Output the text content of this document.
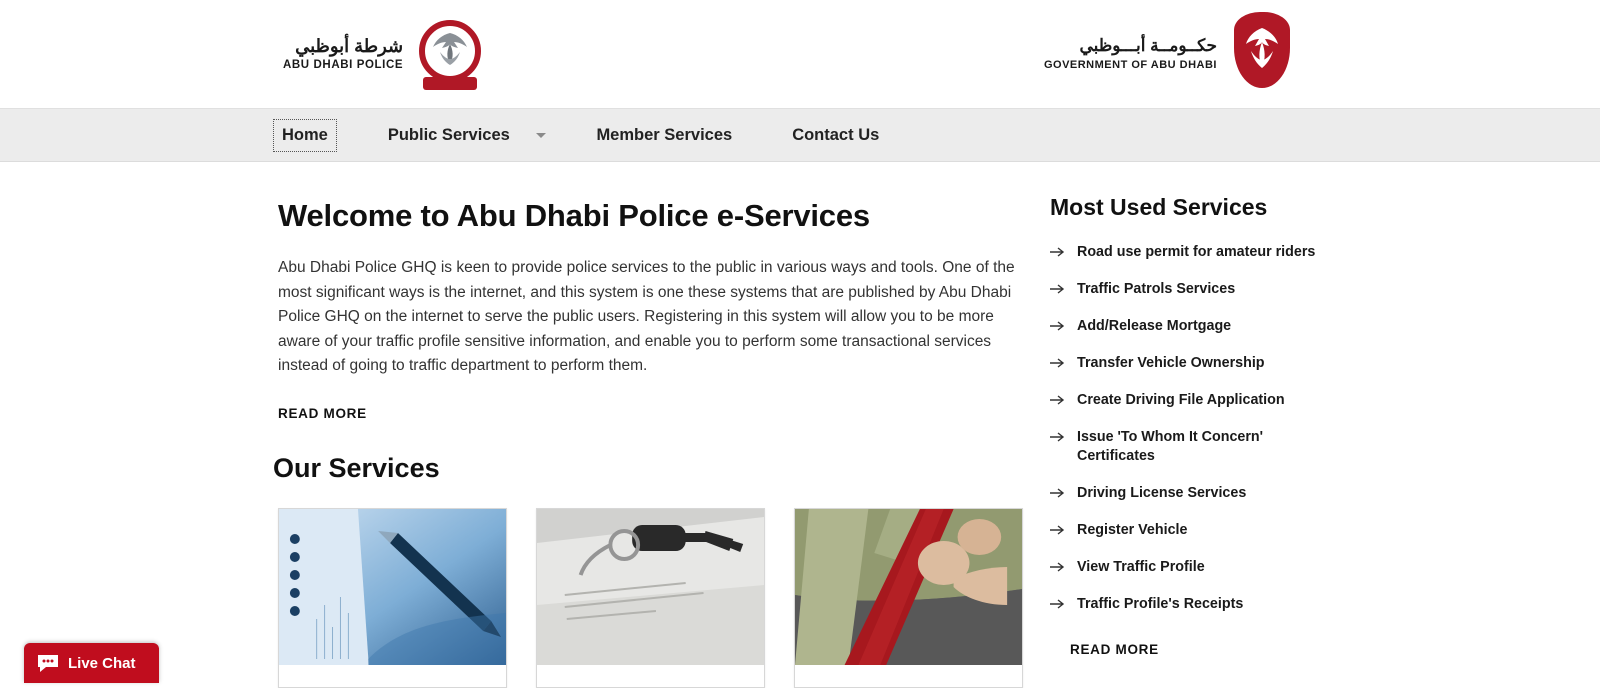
شرطة أبوظبي
ABU DHABI POLICE
حكــومــة أبـــوظبي
GOVERNMENT OF ABU DHABI
Home	Public Services	Member Services	Contact Us
Welcome to Abu Dhabi Police e-Services

Abu Dhabi Police GHQ is keen to provide police services to the public in various ways and tools. One of the most significant ways is the internet, and this system is one these systems that are published by Abu Dhabi Police GHQ on the internet to serve the public users. Registering in this system will allow you to be more aware of your traffic profile sensitive information, and enable you to perform some transactional services instead of going to traffic department to perform them.

READ MORE
Our Services
Most Used Services
Road use permit for amateur riders
Traffic Patrols Services
Add/Release Mortgage
Transfer Vehicle Ownership
Create Driving File Application
Issue 'To Whom It Concern' Certificates
Driving License Services
Register Vehicle
View Traffic Profile
Traffic Profile's Receipts
READ MORE
Live Chat
